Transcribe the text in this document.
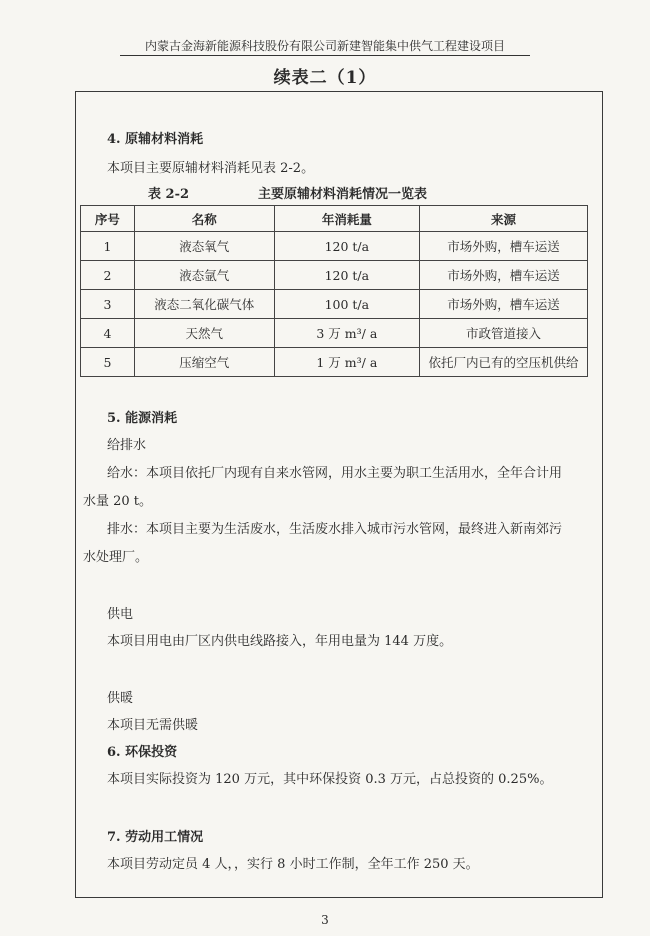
内蒙古金海新能源科技股份有限公司新建智能集中供气工程建设项目
续表二（1）
4. 原辅材料消耗
本项目主要原辅材料消耗见表 2-2。
表 2-2	主要原辅材料消耗情况一览表
序号	名称	年消耗量	来源
1	液态氧气	120 t/a	市场外购，槽车运送
2	液态氩气	120 t/a	市场外购，槽车运送
3	液态二氧化碳气体	100 t/a	市场外购，槽车运送
4	天然气	3 万 m³/ a	市政管道接入
5	压缩空气	1 万 m³/ a	依托厂内已有的空压机供给
5. 能源消耗
给排水
给水：本项目依托厂内现有自来水管网，用水主要为职工生活用水，全年合计用
水量 20 t。
排水：本项目主要为生活废水，生活废水排入城市污水管网，最终进入新南郊污
水处理厂。
供电
本项目用电由厂区内供电线路接入，年用电量为 144 万度。
供暖
本项目无需供暖
6. 环保投资
本项目实际投资为 120 万元，其中环保投资 0.3 万元，占总投资的 0.25%。
7. 劳动用工情况
本项目劳动定员 4 人，，实行 8 小时工作制，全年工作 250 天。
3
